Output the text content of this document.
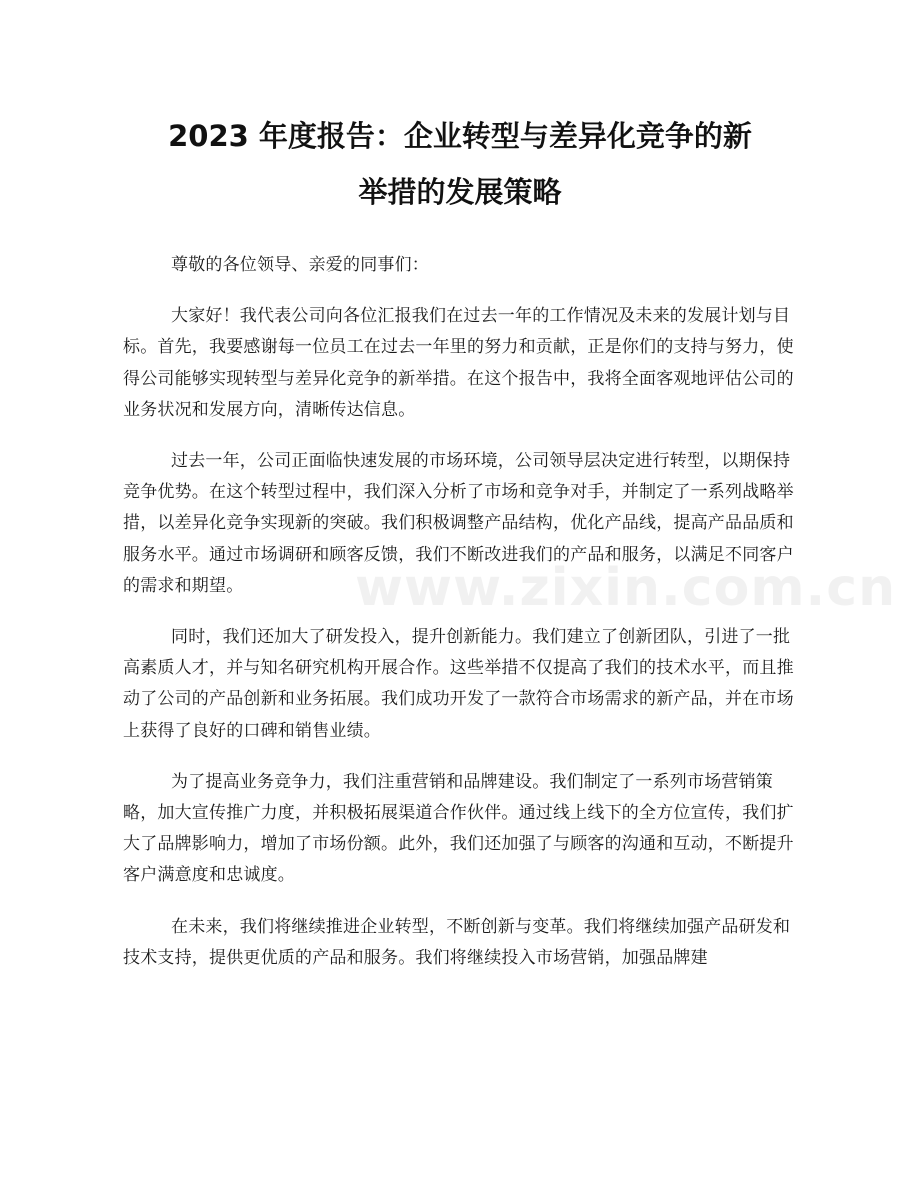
2023 年度报告：企业转型与差异化竞争的新
举措的发展策略

尊敬的各位领导、亲爱的同事们：

大家好！我代表公司向各位汇报我们在过去一年的工作情况及未来的发展计划与目标。首先，我要感谢每一位员工在过去一年里的努力和贡献，正是你们的支持与努力，使得公司能够实现转型与差异化竞争的新举措。在这个报告中，我将全面客观地评估公司的业务状况和发展方向，清晰传达信息。

过去一年，公司正面临快速发展的市场环境，公司领导层决定进行转型，以期保持竞争优势。在这个转型过程中，我们深入分析了市场和竞争对手，并制定了一系列战略举措，以差异化竞争实现新的突破。我们积极调整产品结构，优化产品线，提高产品品质和服务水平。通过市场调研和顾客反馈，我们不断改进我们的产品和服务，以满足不同客户的需求和期望。

同时，我们还加大了研发投入，提升创新能力。我们建立了创新团队，引进了一批高素质人才，并与知名研究机构开展合作。这些举措不仅提高了我们的技术水平，而且推动了公司的产品创新和业务拓展。我们成功开发了一款符合市场需求的新产品，并在市场上获得了良好的口碑和销售业绩。

为了提高业务竞争力，我们注重营销和品牌建设。我们制定了一系列市场营销策略，加大宣传推广力度，并积极拓展渠道合作伙伴。通过线上线下的全方位宣传，我们扩大了品牌影响力，增加了市场份额。此外，我们还加强了与顾客的沟通和互动，不断提升客户满意度和忠诚度。

在未来，我们将继续推进企业转型，不断创新与变革。我们将继续加强产品研发和技术支持，提供更优质的产品和服务。我们将继续投入市场营销，加强品牌建

www.zixin.com.cn
